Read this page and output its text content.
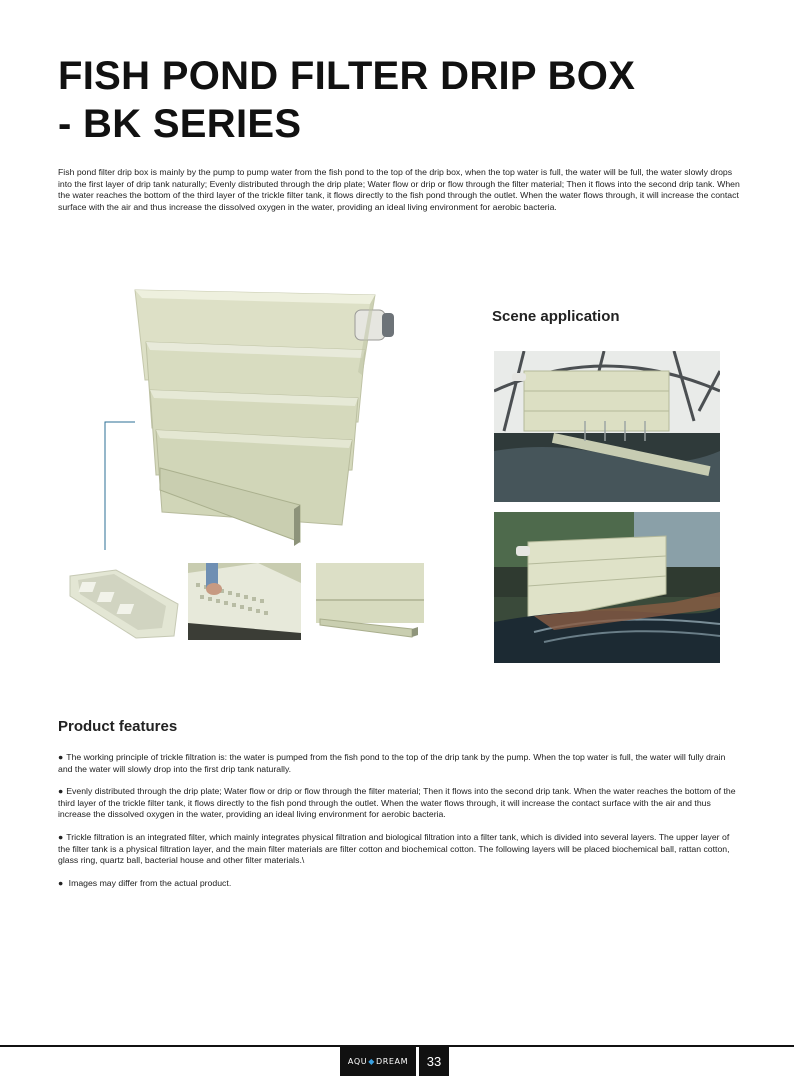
FISH POND FILTER DRIP BOX
- BK SERIES

Fish pond filter drip box is mainly by the pump to pump water from the fish pond to the top of the drip box, when the top water is full, the water will be full, the water slowly drops into the first layer of drip tank naturally; Evenly distributed through the drip plate; Water flow or drip or flow through the filter material; Then it flows into the second drip tank. When the water reaches the bottom of the third layer of the trickle filter tank, it flows directly to the fish pond through the outlet. When the water flows through, it will increase the contact surface with the air and thus increase the dissolved oxygen in the water, providing an ideal living environment for aerobic bacteria.

Scene application
Product features

● The working principle of trickle filtration is: the water is pumped from the fish pond to the top of the drip tank by the pump. When the top water is full, the water will fully drain and the water will slowly drop into the first drip tank naturally.

● Evenly distributed through the drip plate; Water flow or drip or flow through the filter material; Then it flows into the second drip tank. When the water reaches the bottom of the third layer of the trickle filter tank, it flows directly to the fish pond through the outlet. When the water flows through, it will increase the contact surface with the air and thus increase the dissolved oxygen in the water, providing an ideal living environment for aerobic bacteria.

● Trickle filtration is an integrated filter, which mainly integrates physical filtration and biological filtration into a filter tank, which is divided into several layers. The upper layer of the filter tank is a physical filtration layer, and the main filter materials are filter cotton and biochemical cotton. The following layers will be placed biochemical ball, rattan cotton, glass ring, quartz ball, bacterial house and other filter materials.\

● Images may differ from the actual product.

AQU ◆ DREAM	33
